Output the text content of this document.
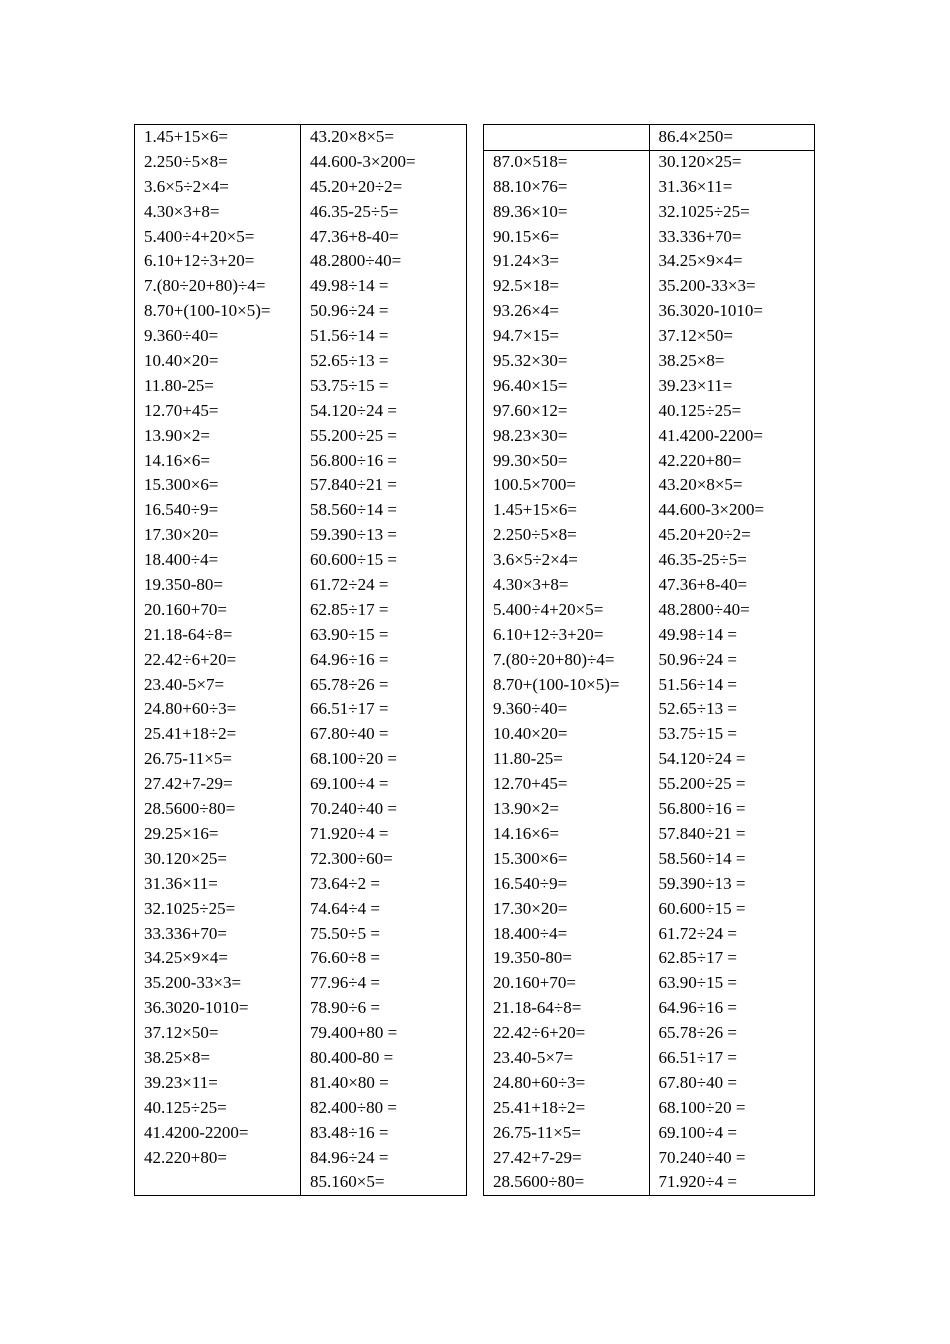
1.45+15×6=
2.250÷5×8=
3.6×5÷2×4=
4.30×3+8=
5.400÷4+20×5=
6.10+12÷3+20=
7.(80÷20+80)÷4=
8.70+(100-10×5)=
9.360÷40=
10.40×20=
11.80-25=
12.70+45=
13.90×2=
14.16×6=
15.300×6=
16.540÷9=
17.30×20=
18.400÷4=
19.350-80=
20.160+70=
21.18-64÷8=
22.42÷6+20=
23.40-5×7=
24.80+60÷3=
25.41+18÷2=
26.75-11×5=
27.42+7-29=
28.5600÷80=
29.25×16=
30.120×25=
31.36×11=
32.1025÷25=
33.336+70=
34.25×9×4=
35.200-33×3=
36.3020-1010=
37.12×50=
38.25×8=
39.23×11=
40.125÷25=
41.4200-2200=
42.220+80=
43.20×8×5=
44.600-3×200=
45.20+20÷2=
46.35-25÷5=
47.36+8-40=
48.2800÷40=
49.98÷14 =
50.96÷24 =
51.56÷14 =
52.65÷13 =
53.75÷15 =
54.120÷24 =
55.200÷25 =
56.800÷16 =
57.840÷21 =
58.560÷14 =
59.390÷13 =
60.600÷15 =
61.72÷24 =
62.85÷17 =
63.90÷15 =
64.96÷16 =
65.78÷26 =
66.51÷17 =
67.80÷40 =
68.100÷20 =
69.100÷4 =
70.240÷40 =
71.920÷4 =
72.300÷60=
73.64÷2 =
74.64÷4 =
75.50÷5 =
76.60÷8 =
77.96÷4 =
78.90÷6 =
79.400+80 =
80.400-80 =
81.40×80 =
82.400÷80 =
83.48÷16 =
84.96÷24 =
85.160×5=
87.0×518=
88.10×76=
89.36×10=
90.15×6=
91.24×3=
92.5×18=
93.26×4=
94.7×15=
95.32×30=
96.40×15=
97.60×12=
98.23×30=
99.30×50=
100.5×700=
1.45+15×6=
2.250÷5×8=
3.6×5÷2×4=
4.30×3+8=
5.400÷4+20×5=
6.10+12÷3+20=
7.(80÷20+80)÷4=
8.70+(100-10×5)=
9.360÷40=
10.40×20=
11.80-25=
12.70+45=
13.90×2=
14.16×6=
15.300×6=
16.540÷9=
17.30×20=
18.400÷4=
19.350-80=
20.160+70=
21.18-64÷8=
22.42÷6+20=
23.40-5×7=
24.80+60÷3=
25.41+18÷2=
26.75-11×5=
27.42+7-29=
28.5600÷80=
86.4×250=
30.120×25=
31.36×11=
32.1025÷25=
33.336+70=
34.25×9×4=
35.200-33×3=
36.3020-1010=
37.12×50=
38.25×8=
39.23×11=
40.125÷25=
41.4200-2200=
42.220+80=
43.20×8×5=
44.600-3×200=
45.20+20÷2=
46.35-25÷5=
47.36+8-40=
48.2800÷40=
49.98÷14 =
50.96÷24 =
51.56÷14 =
52.65÷13 =
53.75÷15 =
54.120÷24 =
55.200÷25 =
56.800÷16 =
57.840÷21 =
58.560÷14 =
59.390÷13 =
60.600÷15 =
61.72÷24 =
62.85÷17 =
63.90÷15 =
64.96÷16 =
65.78÷26 =
66.51÷17 =
67.80÷40 =
68.100÷20 =
69.100÷4 =
70.240÷40 =
71.920÷4 =
